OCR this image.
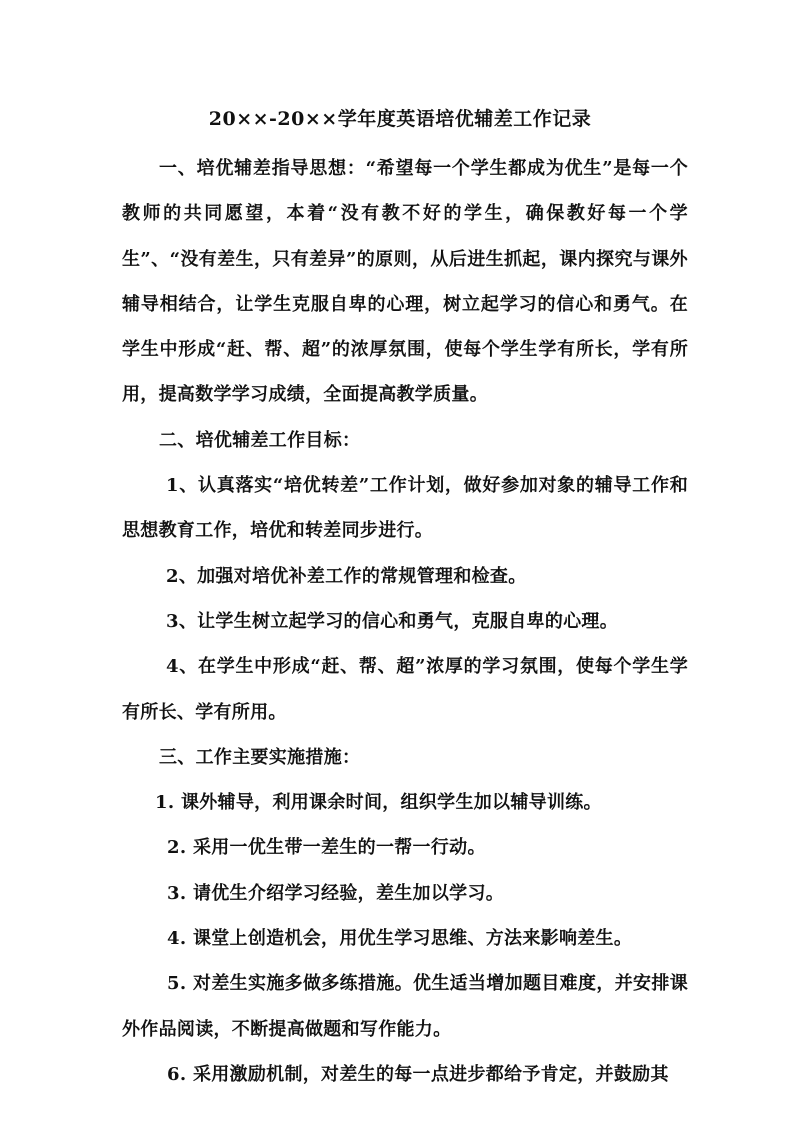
20××-20××学年度英语培优辅差工作记录

一、培优辅差指导思想：“希望每一个学生都成为优生”是每一个教师的共同愿望，本着“没有教不好的学生，确保教好每一个学生”、“没有差生，只有差异”的原则，从后进生抓起，课内探究与课外辅导相结合，让学生克服自卑的心理，树立起学习的信心和勇气。在学生中形成“赶、帮、超”的浓厚氛围，使每个学生学有所长，学有所用，提高数学学习成绩，全面提高教学质量。

二、培优辅差工作目标：

1、认真落实“培优转差”工作计划，做好参加对象的辅导工作和思想教育工作，培优和转差同步进行。

2、加强对培优补差工作的常规管理和检查。

3、让学生树立起学习的信心和勇气，克服自卑的心理。

4、在学生中形成“赶、帮、超”浓厚的学习氛围，使每个学生学有所长、学有所用。

三、工作主要实施措施：

1. 课外辅导，利用课余时间，组织学生加以辅导训练。

2. 采用一优生带一差生的一帮一行动。

3. 请优生介绍学习经验，差生加以学习。

4. 课堂上创造机会，用优生学习思维、方法来影响差生。

5. 对差生实施多做多练措施。优生适当增加题目难度，并安排课外作品阅读，不断提高做题和写作能力。

6. 采用激励机制，对差生的每一点进步都给予肯定，并鼓励其
